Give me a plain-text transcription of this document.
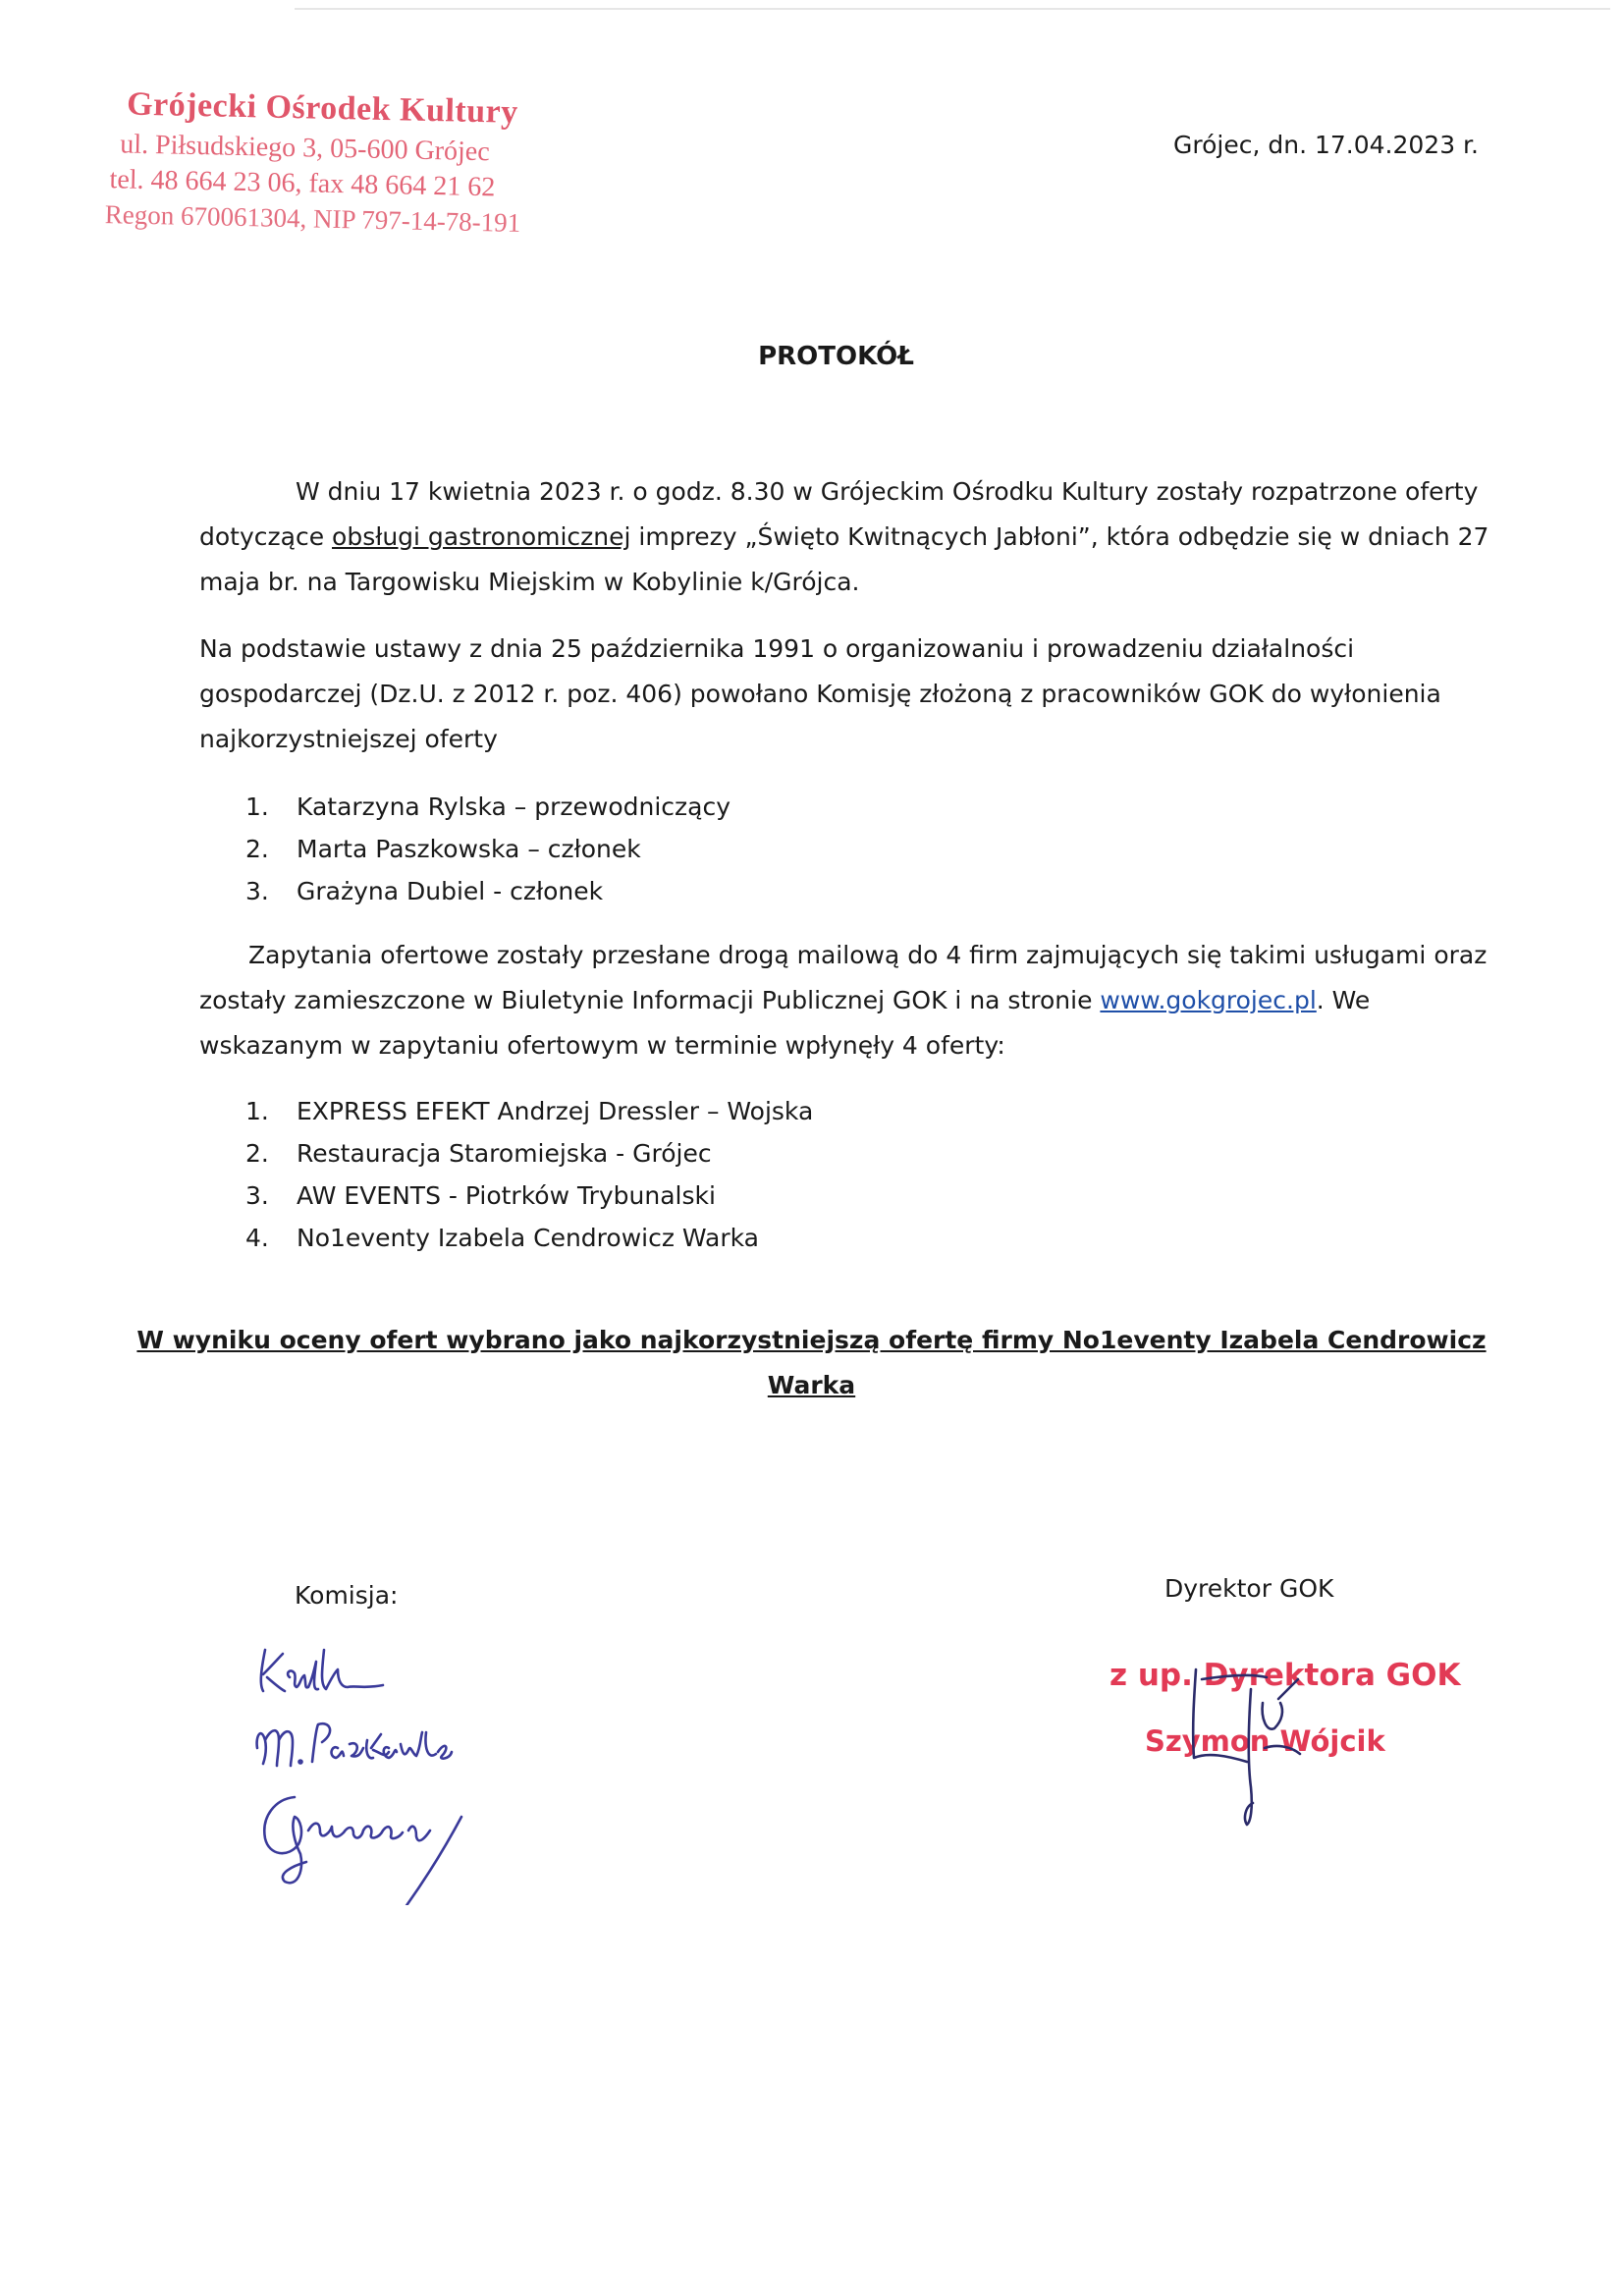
Grójecki Ośrodek Kultury
ul. Piłsudskiego 3, 05-600 Grójec
tel. 48 664 23 06, fax 48 664 21 62
Regon 670061304, NIP 797-14-78-191
Grójec, dn. 17.04.2023 r.
PROTOKÓŁ
W dniu 17 kwietnia 2023 r. o godz. 8.30 w Grójeckim Ośrodku Kultury zostały rozpatrzone oferty
dotyczące obsługi gastronomicznej imprezy „Święto Kwitnących Jabłoni”, która odbędzie się w dniach 27
maja br. na Targowisku Miejskim w Kobylinie k/Grójca.
Na podstawie ustawy z dnia 25 października 1991 o organizowaniu i prowadzeniu działalności
gospodarczej (Dz.U. z 2012 r. poz. 406) powołano Komisję złożoną z pracowników GOK do wyłonienia
najkorzystniejszej oferty
1. Katarzyna Rylska – przewodniczący
2. Marta Paszkowska – członek
3. Grażyna Dubiel - członek
Zapytania ofertowe zostały przesłane drogą mailową do 4 firm zajmujących się takimi usługami oraz
zostały zamieszczone w Biuletynie Informacji Publicznej GOK i na stronie www.gokgrojec.pl. We
wskazanym w zapytaniu ofertowym w terminie wpłynęły 4 oferty:
1. EXPRESS EFEKT Andrzej Dressler – Wojska
2. Restauracja Staromiejska - Grójec
3. AW EVENTS - Piotrków Trybunalski
4. No1eventy Izabela Cendrowicz Warka
W wyniku oceny ofert wybrano jako najkorzystniejszą ofertę firmy No1eventy Izabela Cendrowicz
Warka
Komisja:	Dyrektor GOK
z up. Dyrektora GOK
Szymon Wójcik
